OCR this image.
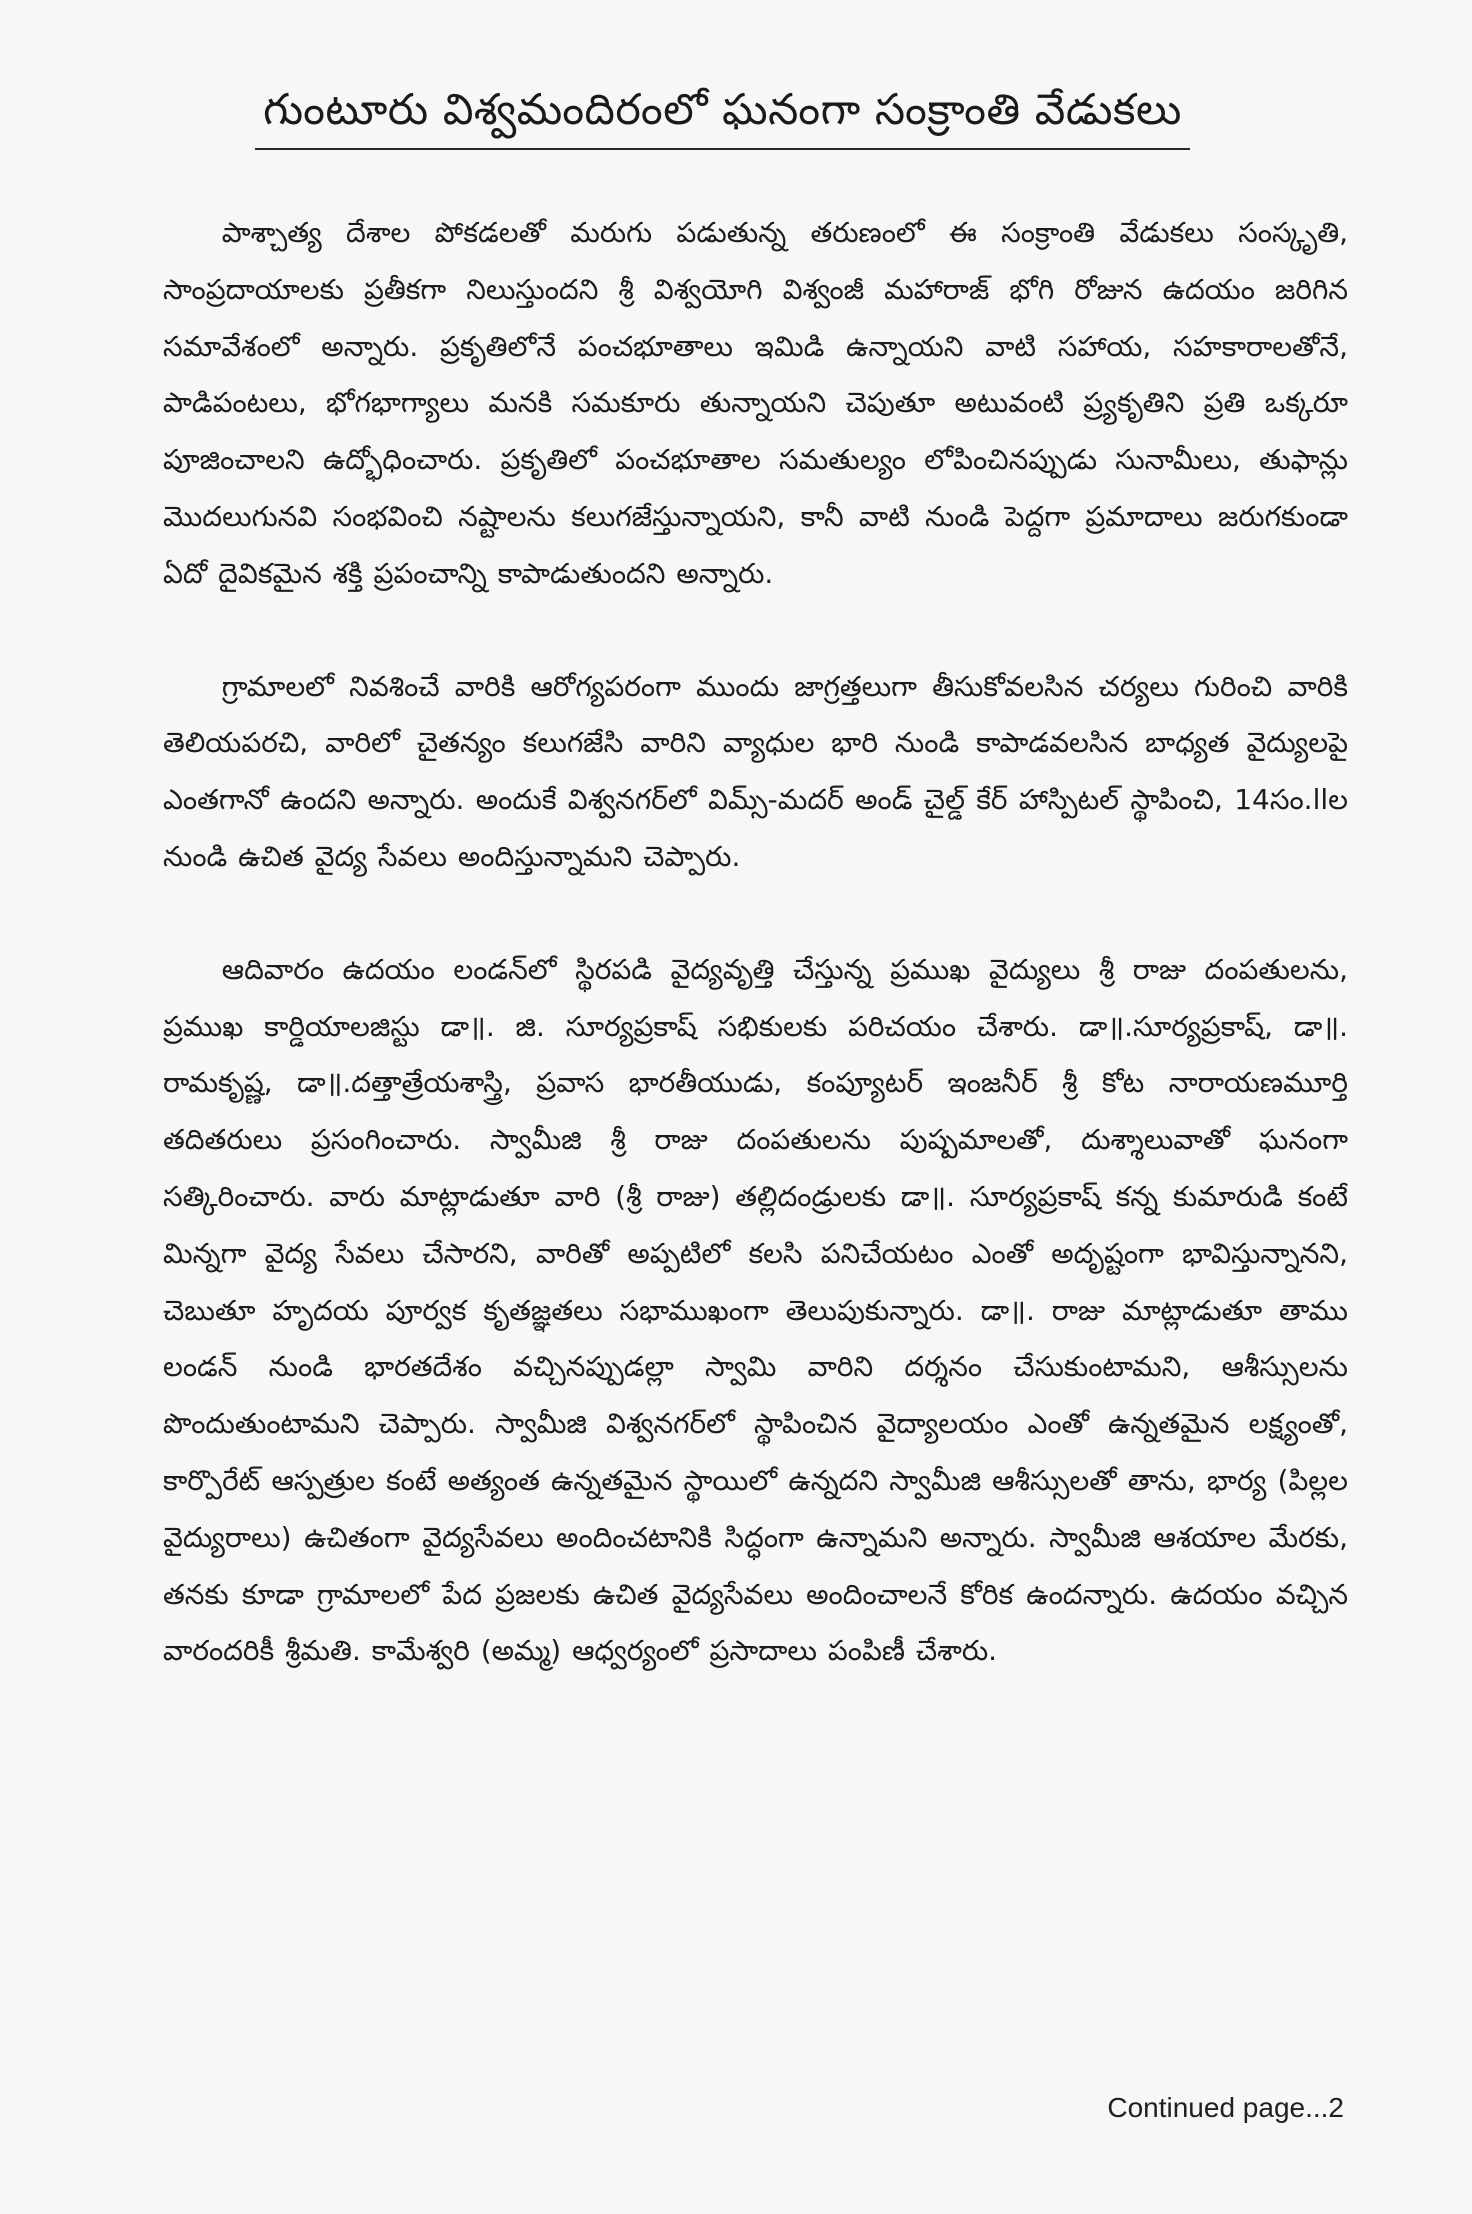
గుంటూరు విశ్వమందిరంలో ఘనంగా సంక్రాంతి వేడుకలు

పాశ్చాత్య దేశాల పోకడలతో మరుగు పడుతున్న తరుణంలో ఈ సంక్రాంతి వేడుకలు సంస్కృతి, సాంప్రదాయాలకు ప్రతీకగా నిలుస్తుందని శ్రీ విశ్వయోగి విశ్వంజీ మహారాజ్ భోగి రోజున ఉదయం జరిగిన సమావేశంలో అన్నారు. ప్రకృతిలోనే పంచభూతాలు ఇమిడి ఉన్నాయని వాటి సహాయ, సహకారాలతోనే, పాడిపంటలు, భోగభాగ్యాలు మనకి సమకూరు తున్నాయని చెపుతూ అటువంటి ప్ర్యకృతిని ప్రతి ఒక్కరూ పూజించాలని ఉద్భోధించారు. ప్రకృతిలో పంచభూతాల సమతుల్యం లోపించినప్పుడు సునామీలు, తుఫాన్లు మొదలుగునవి సంభవించి నష్టాలను కలుగజేస్తున్నాయని, కానీ వాటి నుండి పెద్దగా ప్రమాదాలు జరుగకుండా ఏదో దైవికమైన శక్తి ప్రపంచాన్ని కాపాడుతుందని అన్నారు.

గ్రామాలలో నివశించే వారికి ఆరోగ్యపరంగా ముందు జాగ్రత్తలుగా తీసుకోవలసిన చర్యలు గురించి వారికి తెలియపరచి, వారిలో చైతన్యం కలుగజేసి వారిని వ్యాధుల భారి నుండి కాపాడవలసిన బాధ్యత వైద్యులపై ఎంతగానో ఉందని అన్నారు. అందుకే విశ్వనగర్‌లో విమ్స్-మదర్ అండ్ చైల్డ్ కేర్ హాస్పిటల్ స్థాపించి, 14సం.llల నుండి ఉచిత వైద్య సేవలు అందిస్తున్నామని చెప్పారు.

ఆదివారం ఉదయం లండన్‌లో స్థిరపడి వైద్యవృత్తి చేస్తున్న ప్రముఖ వైద్యులు శ్రీ రాజు దంపతులను, ప్రముఖ కార్డియాలజిస్టు డా॥. జి. సూర్యప్రకాష్ సభికులకు పరిచయం చేశారు. డా॥.సూర్యప్రకాష్, డా॥. రామకృష్ణ, డా॥.దత్తాత్రేయశాస్త్రి, ప్రవాస భారతీయుడు, కంప్యూటర్ ఇంజనీర్ శ్రీ కోట నారాయణమూర్తి తదితరులు ప్రసంగించారు. స్వామీజి శ్రీ రాజు దంపతులను పుష్పమాలతో, దుశ్శాలువాతో ఘనంగా సత్కిరించారు. వారు మాట్లాడుతూ వారి (శ్రీ రాజు) తల్లిదండ్రులకు డా॥. సూర్యప్రకాష్ కన్న కుమారుడి కంటే మిన్నగా వైద్య సేవలు చేసారని, వారితో అప్పటిలో కలసి పనిచేయటం ఎంతో అదృష్టంగా భావిస్తున్నానని, చెబుతూ హృదయ పూర్వక కృతజ్ఞతలు సభాముఖంగా తెలుపుకున్నారు. డా॥. రాజు మాట్లాడుతూ తాము లండన్ నుండి భారతదేశం వచ్చినప్పుడల్లా స్వామి వారిని దర్శనం చేసుకుంటామని, ఆశీస్సులను పొందుతుంటామని చెప్పారు. స్వామీజి విశ్వనగర్‌లో స్థాపించిన వైద్యాలయం ఎంతో ఉన్నతమైన లక్ష్యంతో, కార్పొరేట్ ఆస్పత్రుల కంటే అత్యంత ఉన్నతమైన స్థాయిలో ఉన్నదని స్వామీజి ఆశీస్సులతో తాను, భార్య (పిల్లల వైద్యురాలు) ఉచితంగా వైద్యసేవలు అందించటానికి సిద్ధంగా ఉన్నామని అన్నారు. స్వామీజి ఆశయాల మేరకు, తనకు కూడా గ్రామాలలో పేద ప్రజలకు ఉచిత వైద్యసేవలు అందించాలనే కోరిక ఉందన్నారు. ఉదయం వచ్చిన వారందరికీ శ్రీమతి. కామేశ్వరి (అమ్మ) ఆధ్వర్యంలో ప్రసాదాలు పంపిణీ చేశారు.

Continued page...2
